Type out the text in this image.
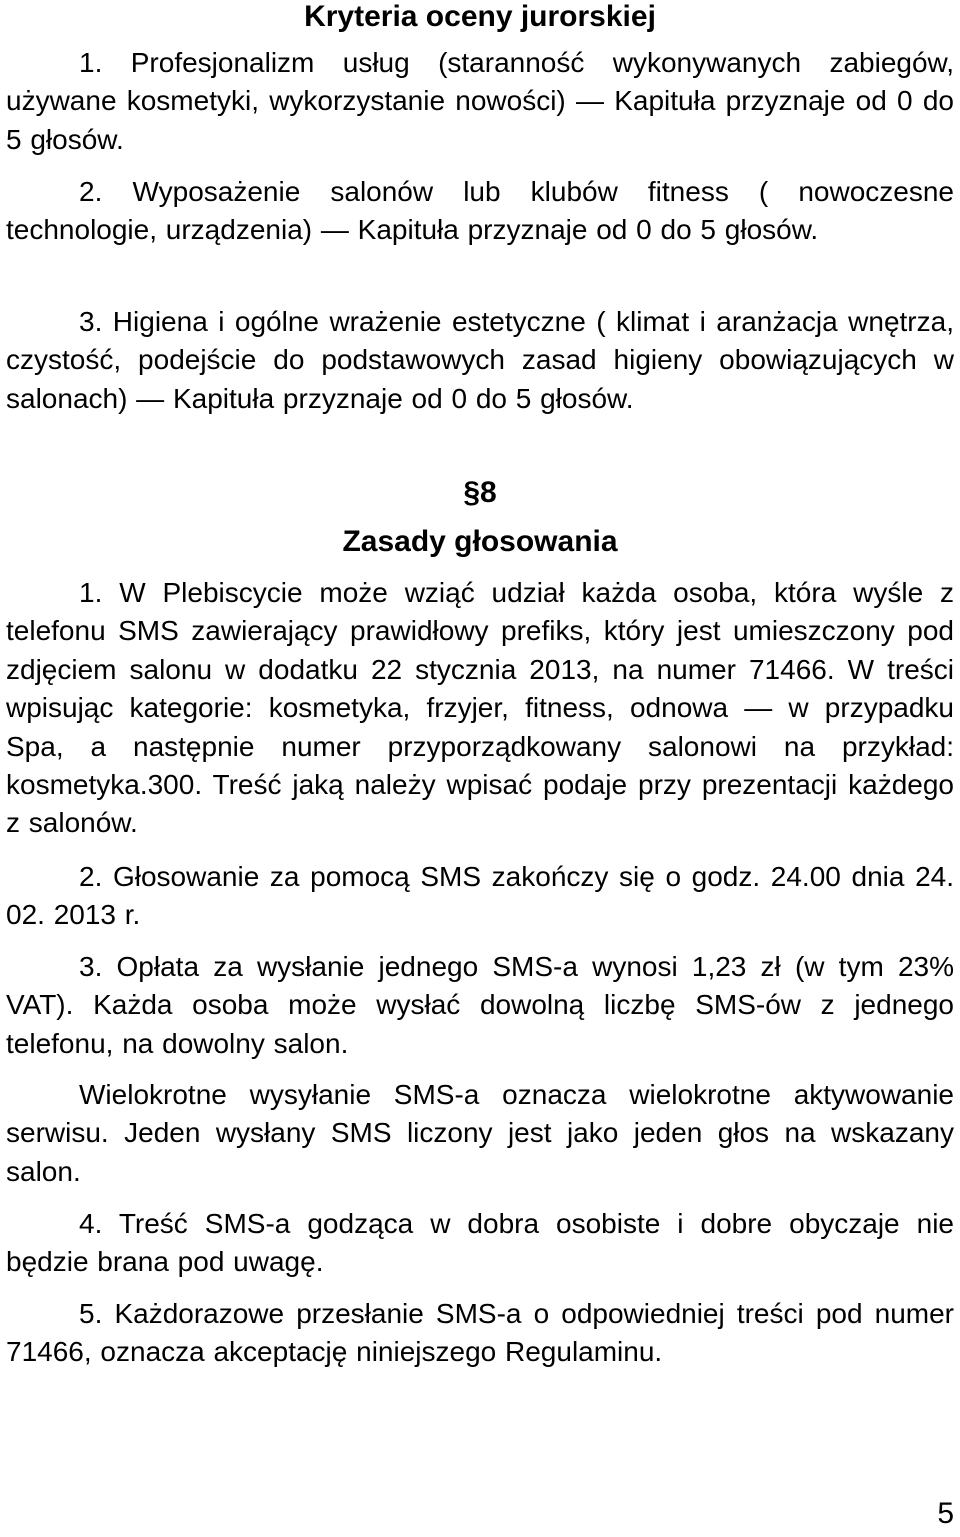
Kryteria oceny jurorskiej

1. Profesjonalizm usług (staranność wykonywanych zabiegów, używane kosmetyki, wykorzystanie nowości) — Kapituła przyznaje od 0 do 5 głosów.

2. Wyposażenie salonów lub klubów fitness ( nowoczesne technologie, urządzenia) — Kapituła przyznaje od 0 do 5 głosów.

3. Higiena i ogólne wrażenie estetyczne ( klimat i aranżacja wnętrza, czystość, podejście do podstawowych zasad higieny obowiązujących w salonach) — Kapituła przyznaje od 0 do 5 głosów.

§8
Zasady głosowania

1. W Plebiscycie może wziąć udział każda osoba, która wyśle z telefonu SMS zawierający prawidłowy prefiks, który jest umieszczony pod zdjęciem salonu w dodatku 22 stycznia 2013, na numer 71466. W treści wpisując kategorie: kosmetyka, frzyjer, fitness, odnowa — w przypadku Spa, a następnie numer przyporządkowany salonowi na przykład: kosmetyka.300. Treść jaką należy wpisać podaje przy prezentacji każdego z salonów.

2. Głosowanie za pomocą SMS zakończy się o godz. 24.00 dnia 24. 02. 2013 r.

3. Opłata za wysłanie jednego SMS-a wynosi 1,23 zł (w tym 23% VAT). Każda osoba może wysłać dowolną liczbę SMS-ów z jednego telefonu, na dowolny salon.

Wielokrotne wysyłanie SMS-a oznacza wielokrotne aktywowanie serwisu. Jeden wysłany SMS liczony jest jako jeden głos na wskazany salon.

4. Treść SMS-a godząca w dobra osobiste i dobre obyczaje nie będzie brana pod uwagę.

5. Każdorazowe przesłanie SMS-a o odpowiedniej treści pod numer 71466, oznacza akceptację niniejszego Regulaminu.

5
